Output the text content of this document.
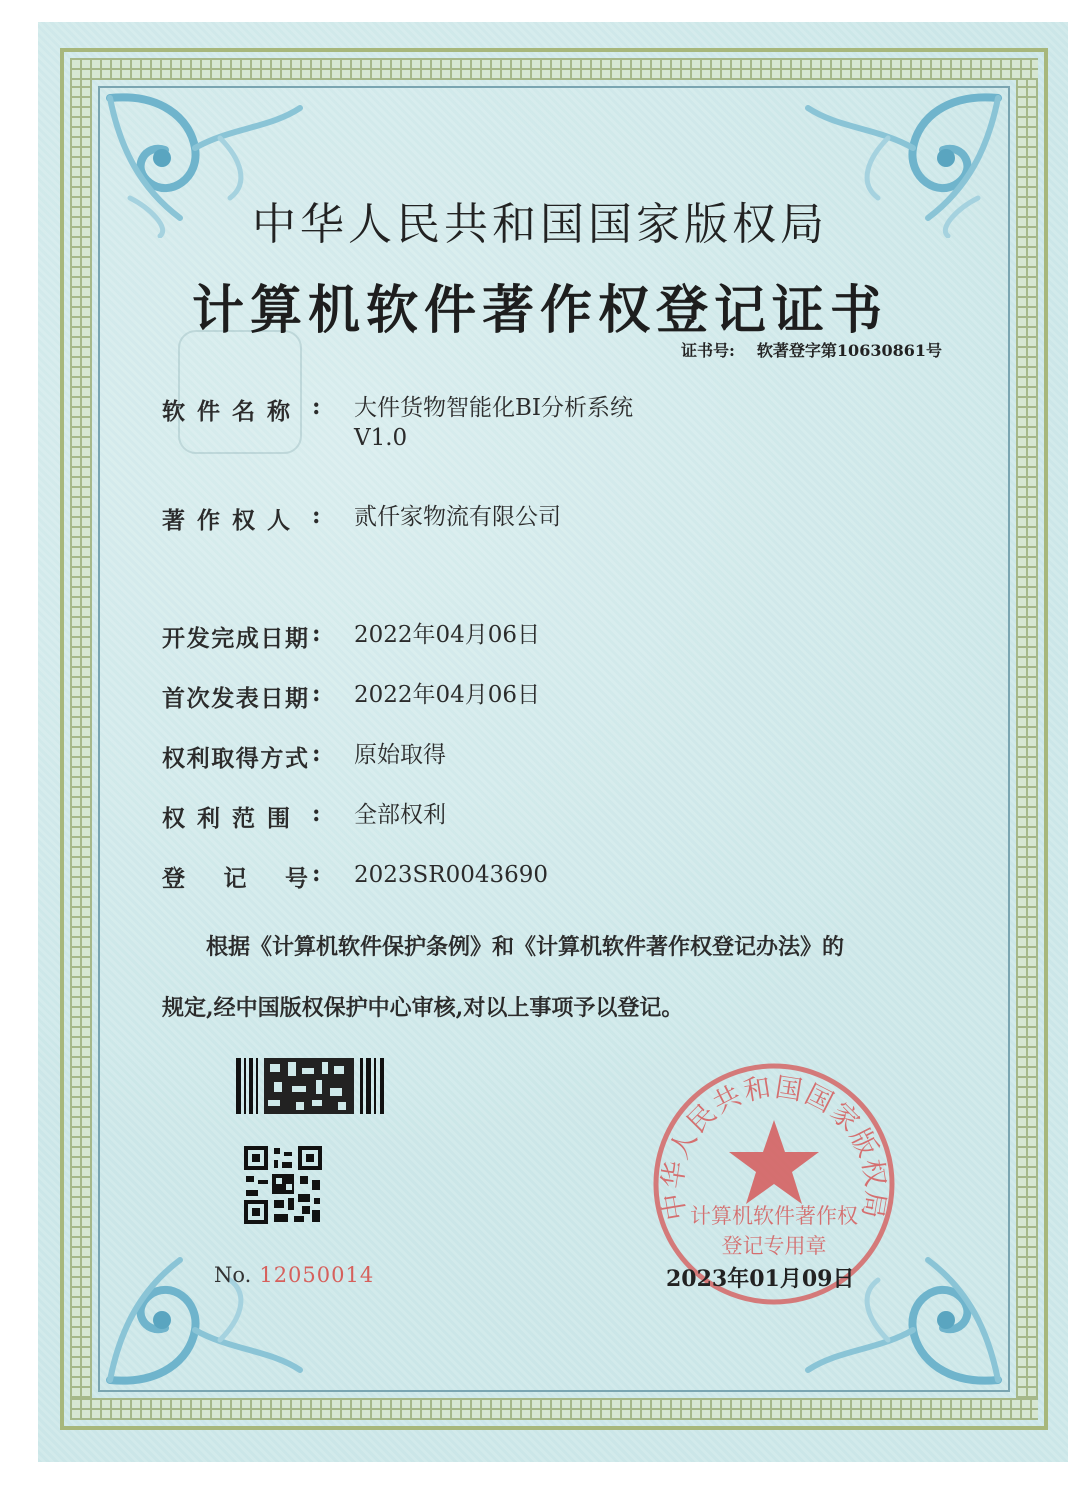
中华人民共和国国家版权局
计算机软件著作权登记证书
证书号: 软著登字第10630861号
软 件 名 称 : 大件货物智能化BI分析系统
V1.0
著 作 权 人 : 贰仟家物流有限公司
开 发 完 成 日 期 : 2022年04月06日
首 次 发 表 日 期 : 2022年04月06日
权 利 取 得 方 式 : 原始取得
权 利 范 围 : 全部权利
登 记 号 : 2023SR0043690
根据《计算机软件保护条例》和《计算机软件著作权登记办法》的
规定,经中国版权保护中心审核,对以上事项予以登记。
No. 12050014
中华人民共和国国家版权局
计算机软件著作权
登记专用章
2023年01月09日
